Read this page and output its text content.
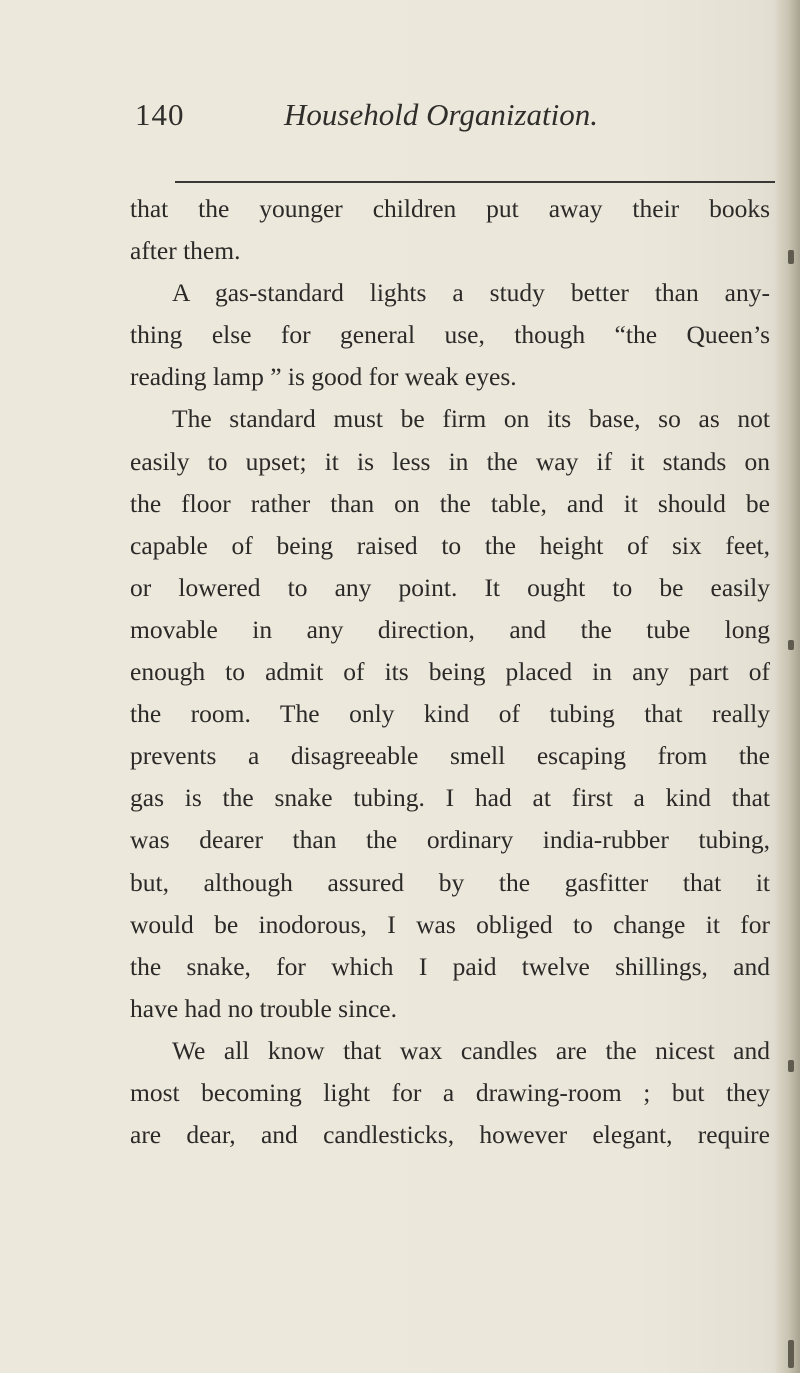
140	Household Organization.
that the younger children put away their books
after them.
A gas-standard lights a study better than any-
thing else for general use, though “the Queen’s
reading lamp ” is good for weak eyes.
The standard must be firm on its base, so as not
easily to upset; it is less in the way if it stands on
the floor rather than on the table, and it should be
capable of being raised to the height of six feet,
or lowered to any point. It ought to be easily
movable in any direction, and the tube long
enough to admit of its being placed in any part of
the room. The only kind of tubing that really
prevents a disagreeable smell escaping from the
gas is the snake tubing. I had at first a kind that
was dearer than the ordinary india-rubber tubing,
but, although assured by the gasfitter that it
would be inodorous, I was obliged to change it for
the snake, for which I paid twelve shillings, and
have had no trouble since.
We all know that wax candles are the nicest and
most becoming light for a drawing-room ; but they
are dear, and candlesticks, however elegant, require
